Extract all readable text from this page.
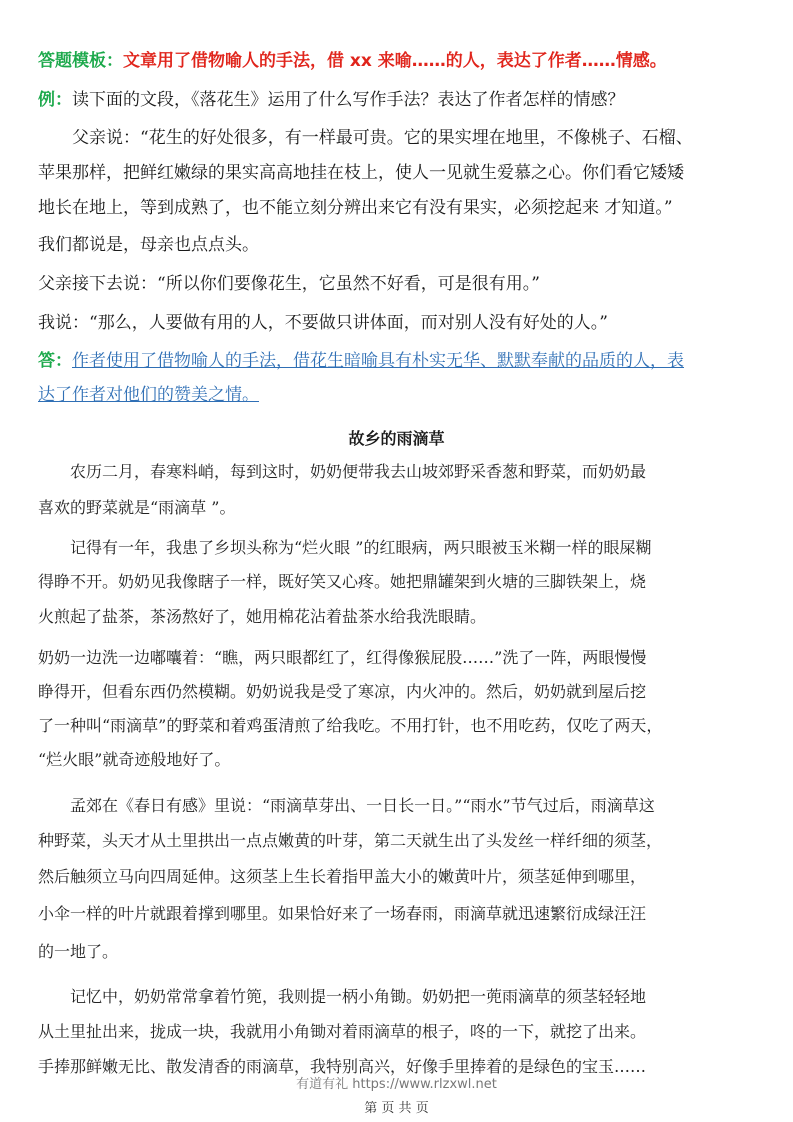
答题模板：文章用了借物喻人的手法，借 xx 来喻……的人，表达了作者……情感。
例：读下面的文段，《落花生》运用了什么写作手法？表达了作者怎样的情感？
　　父亲说：“花生的好处很多，有一样最可贵。它的果实埋在地里，不像桃子、石榴、
苹果那样，把鲜红嫩绿的果实高高地挂在枝上，使人一见就生爱慕之心。你们看它矮矮
地长在地上，等到成熟了，也不能立刻分辨出来它有没有果实，必须挖起来 才知道。”
我们都说是，母亲也点点头。
父亲接下去说：“所以你们要像花生，它虽然不好看，可是很有用。”
我说：“那么，人要做有用的人，不要做只讲体面，而对别人没有好处的人。”
答：作者使用了借物喻人的手法，借花生暗喻具有朴实无华、默默奉献的品质的人，表
达了作者对他们的赞美之情。
故乡的雨滴草
　　农历二月，春寒料峭，每到这时，奶奶便带我去山坡郊野采香葱和野菜，而奶奶最
喜欢的野菜就是“雨滴草 ”。
　　记得有一年，我患了乡坝头称为“烂火眼 ”的红眼病，两只眼被玉米糊一样的眼屎糊
得睁不开。奶奶见我像瞎子一样，既好笑又心疼。她把鼎罐架到火塘的三脚铁架上，烧
火煎起了盐茶，茶汤熬好了，她用棉花沾着盐茶水给我洗眼睛。
奶奶一边洗一边嘟囔着：“瞧，两只眼都红了，红得像猴屁股……”洗了一阵，两眼慢慢
睁得开，但看东西仍然模糊。奶奶说我是受了寒凉，内火冲的。然后，奶奶就到屋后挖
了一种叫“雨滴草”的野菜和着鸡蛋清煎了给我吃。不用打针，也不用吃药，仅吃了两天，
“烂火眼”就奇迹般地好了。
　　孟郊在《春日有感》里说：“雨滴草芽出、一日长一日。”“雨水”节气过后，雨滴草这
种野菜，头天才从土里拱出一点点嫩黄的叶芽，第二天就生出了头发丝一样纤细的须茎，
然后触须立马向四周延伸。这须茎上生长着指甲盖大小的嫩黄叶片，须茎延伸到哪里，
小伞一样的叶片就跟着撑到哪里。如果恰好来了一场春雨，雨滴草就迅速繁衍成绿汪汪
的一地了。
　　记忆中，奶奶常常拿着竹篼，我则提一柄小角锄。奶奶把一蔸雨滴草的须茎轻轻地
从土里扯出来，拢成一块，我就用小角锄对着雨滴草的根子，咚的一下，就挖了出来。
手捧那鲜嫩无比、散发清香的雨滴草，我特别高兴，好像手里捧着的是绿色的宝玉……
有道有礼 https://www.rlzxwl.net
第 页 共 页
